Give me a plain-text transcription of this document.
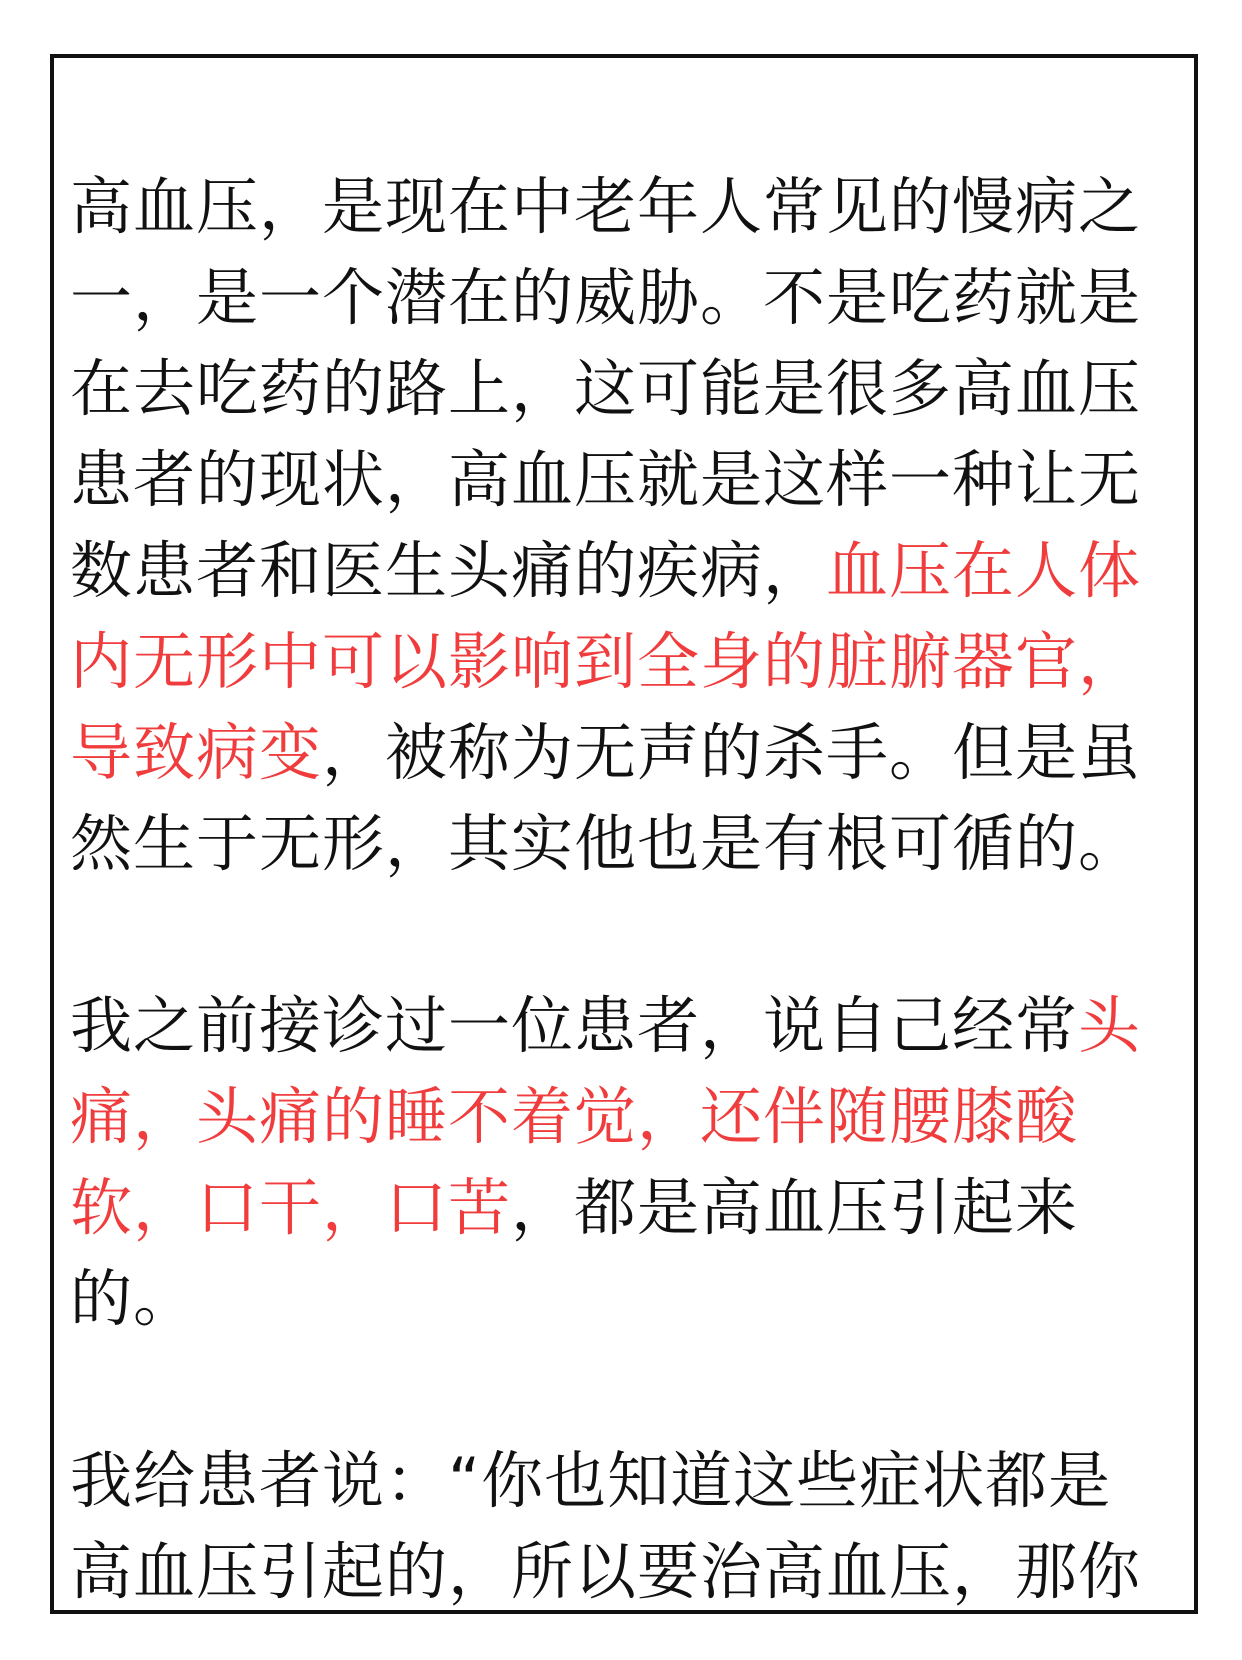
高血压，是现在中老年人常见的慢病之
一，是一个潜在的威胁。不是吃药就是
在去吃药的路上，这可能是很多高血压
患者的现状，高血压就是这样一种让无
数患者和医生头痛的疾病，血压在人体
内无形中可以影响到全身的脏腑器官，
导致病变，被称为无声的杀手。但是虽
然生于无形，其实他也是有根可循的。

我之前接诊过一位患者，说自己经常头
痛，头痛的睡不着觉，还伴随腰膝酸
软，口干，口苦，都是高血压引起来
的。

我给患者说：“你也知道这些症状都是
高血压引起的，所以要治高血压，那你
